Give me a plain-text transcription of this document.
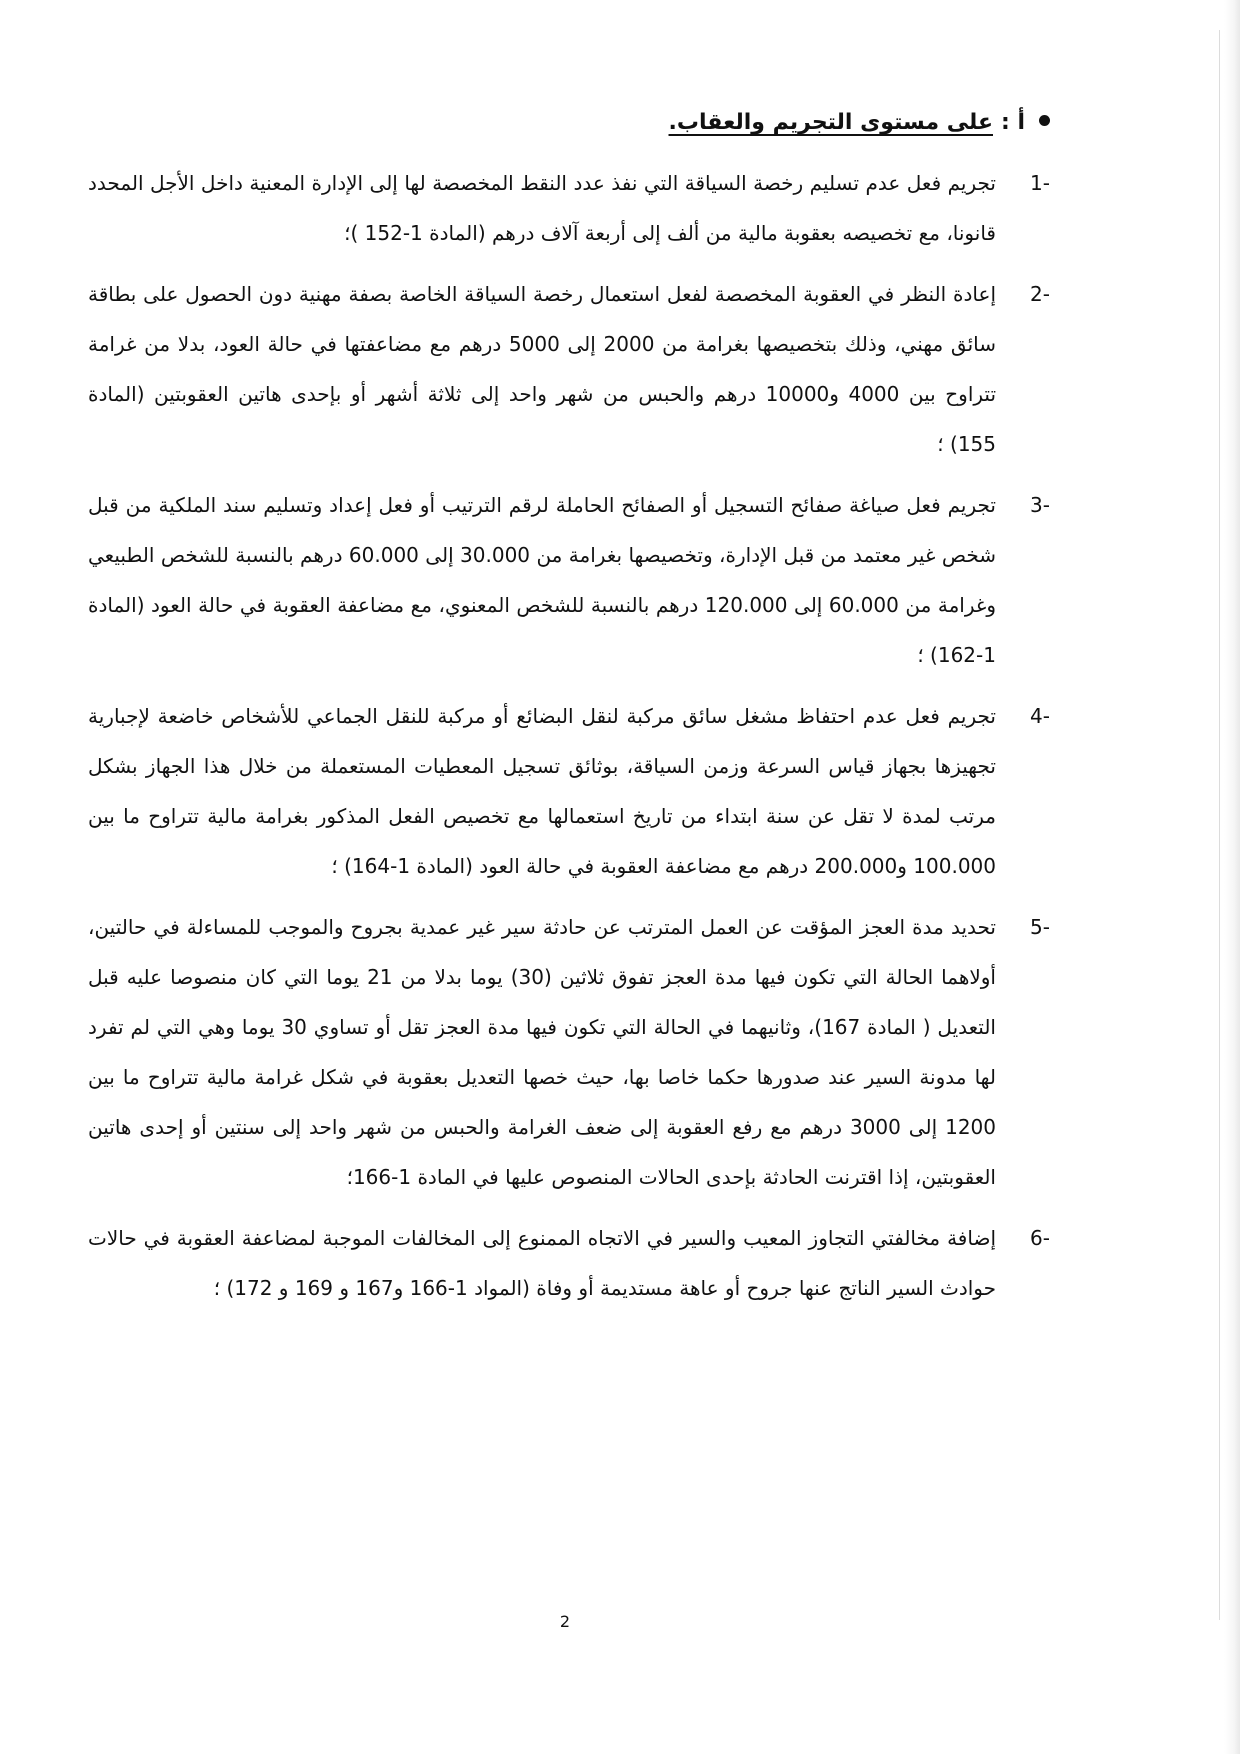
أ :
على مستوى التجريم والعقاب.
1-
تجريم فعل عدم تسليم رخصة السياقة التي نفذ عدد النقط المخصصة لها إلى الإدارة المعنية داخل الأجل المحدد قانونا، مع تخصيصه بعقوبة مالية من ألف إلى أربعة آلاف درهم (المادة 1-152 )؛
2-
إعادة النظر في العقوبة المخصصة لفعل استعمال رخصة السياقة الخاصة بصفة مهنية دون الحصول على بطاقة سائق مهني، وذلك بتخصيصها بغرامة من 2000 إلى 5000 درهم مع مضاعفتها في حالة العود، بدلا من غرامة تتراوح بين 4000 و10000 درهم والحبس من شهر واحد إلى ثلاثة أشهر أو بإحدى هاتين العقوبتين (المادة 155) ؛
3-
تجريم فعل صياغة صفائح التسجيل أو الصفائح الحاملة لرقم الترتيب أو فعل إعداد وتسليم سند الملكية من قبل شخص غير معتمد من قبل الإدارة، وتخصيصها بغرامة من 30.000 إلى 60.000 درهم بالنسبة للشخص الطبيعي وغرامة من 60.000 إلى 120.000 درهم بالنسبة للشخص المعنوي، مع مضاعفة العقوبة في حالة العود (المادة 1-162) ؛
4-
تجريم فعل عدم احتفاظ مشغل سائق مركبة لنقل البضائع أو مركبة للنقل الجماعي للأشخاص خاضعة لإجبارية تجهيزها بجهاز قياس السرعة وزمن السياقة، بوثائق تسجيل المعطيات المستعملة من خلال هذا الجهاز بشكل مرتب لمدة لا تقل عن سنة ابتداء من تاريخ استعمالها مع تخصيص الفعل المذكور بغرامة مالية تتراوح ما بين 100.000 و200.000 درهم مع مضاعفة العقوبة في حالة العود (المادة 1-164) ؛
5-
تحديد مدة العجز المؤقت عن العمل المترتب عن حادثة سير غير عمدية بجروح والموجب للمساءلة في حالتين، أولاهما الحالة التي تكون فيها مدة العجز تفوق ثلاثين (30) يوما بدلا من 21 يوما التي كان منصوصا عليه قبل التعديل ( المادة 167)، وثانيهما في الحالة التي تكون فيها مدة العجز تقل أو تساوي 30 يوما وهي التي لم تفرد لها مدونة السير عند صدورها حكما خاصا بها، حيث خصها التعديل بعقوبة في شكل غرامة مالية تتراوح ما بين 1200 إلى 3000 درهم مع رفع العقوبة إلى ضعف الغرامة والحبس من شهر واحد إلى سنتين أو إحدى هاتين العقوبتين، إذا اقترنت الحادثة بإحدى الحالات المنصوص عليها في المادة 1-166؛
6-
إضافة مخالفتي التجاوز المعيب والسير في الاتجاه الممنوع إلى المخالفات الموجبة لمضاعفة العقوبة في حالات حوادث السير الناتج عنها جروح أو عاهة مستديمة أو وفاة (المواد 1-166 و167 و 169 و 172) ؛
2
